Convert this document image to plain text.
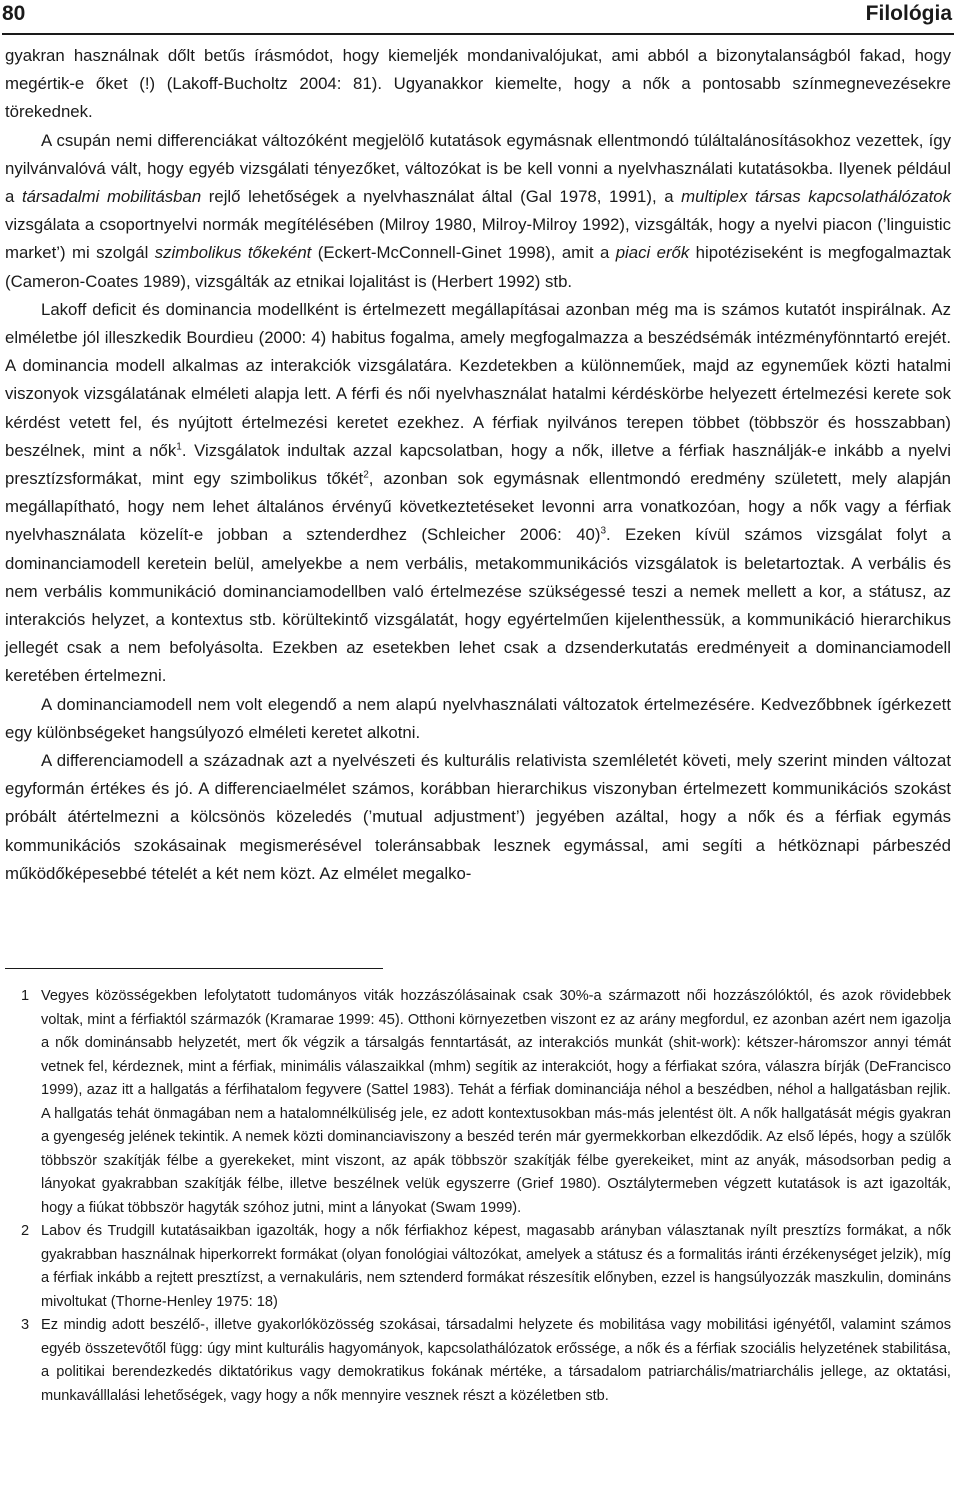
80	Filológia

gyakran használnak dőlt betűs írásmódot, hogy kiemeljék mondanivalójukat, ami abból a bizonytalanságból fakad, hogy megértik-e őket (!) (Lakoff-Bucholtz 2004: 81). Ugyanakkor kiemelte, hogy a nők a pontosabb színmegnevezésekre törekednek.

A csupán nemi differenciákat változóként megjelölő kutatások egymásnak ellentmondó túláltalánosításokhoz vezettek, így nyilvánvalóvá vált, hogy egyéb vizsgálati tényezőket, változókat is be kell vonni a nyelvhasználati kutatásokba. Ilyenek például a társadalmi mobilitásban rejlő lehetőségek a nyelvhasználat által (Gal 1978, 1991), a multiplex társas kapcsolathálózatok vizsgálata a csoportnyelvi normák megítélésében (Milroy 1980, Milroy-Milroy 1992), vizsgálták, hogy a nyelvi piacon (’linguistic market’) mi szolgál szimbolikus tőkeként (Eckert-McConnell-Ginet 1998), amit a piaci erők hipotéziseként is megfogalmaztak (Cameron-Coates 1989), vizsgálták az etnikai lojalitást is (Herbert 1992) stb.

Lakoff deficit és dominancia modellként is értelmezett megállapításai azonban még ma is számos kutatót inspirálnak. Az elméletbe jól illeszkedik Bourdieu (2000: 4) habitus fogalma, amely megfogalmazza a beszédsémák intézményfönntartó erejét. A dominancia modell alkalmas az interakciók vizsgálatára. Kezdetekben a különneműek, majd az egyneműek közti hatalmi viszonyok vizsgálatának elméleti alapja lett. A férfi és női nyelvhasználat hatalmi kérdéskörbe helyezett értelmezési kerete sok kérdést vetett fel, és nyújtott értelmezési keretet ezekhez. A férfiak nyilvános terepen többet (többször és hosszabban) beszélnek, mint a nők$^1$. Vizsgálatok indultak azzal kapcsolatban, hogy a nők, illetve a férfiak használják-e inkább a nyelvi presztízsformákat, mint egy szimbolikus tőkét$^2$, azonban sok egymásnak ellentmondó eredmény született, mely alapján megállapítható, hogy nem lehet általános érvényű következtetéseket levonni arra vonatkozóan, hogy a nők vagy a férfiak nyelvhasználata közelít-e jobban a sztenderdhez (Schleicher 2006: 40)$^3$. Ezeken kívül számos vizsgálat folyt a dominanciamodell keretein belül, amelyekbe a nem verbális, metakommunikációs vizsgálatok is beletartoztak. A verbális és nem verbális kommunikáció dominanciamodellben való értelmezése szükségessé teszi a nemek mellett a kor, a státusz, az interakciós helyzet, a kontextus stb. körültekintő vizsgálatát, hogy egyértelműen kijelenthessük, a kommunikáció hierarchikus jellegét csak a nem befolyásolta. Ezekben az esetekben lehet csak a dzsenderkutatás eredményeit a dominanciamodell keretében értelmezni.

A dominanciamodell nem volt elegendő a nem alapú nyelvhasználati változatok értelmezésére. Kedvezőbbnek ígérkezett egy különbségeket hangsúlyozó elméleti keretet alkotni.

A differenciamodell a századnak azt a nyelvészeti és kulturális relativista szemléletét követi, mely szerint minden változat egyformán értékes és jó. A differenciaelmélet számos, korábban hierarchikus viszonyban értelmezett kommunikációs szokást próbált átértelmezni a kölcsönös közeledés (’mutual adjustment’) jegyében azáltal, hogy a nők és a férfiak egymás kommunikációs szokásainak megismerésével toleránsabbak lesznek egymással, ami segíti a hétköznapi párbeszéd működőképesebbé tételét a két nem közt. Az elmélet megalko-

1 Vegyes közösségekben lefolytatott tudományos viták hozzászólásainak csak 30%-a származott női hozzászólóktól, és azok rövidebbek voltak, mint a férfiaktól származók (Kramarae 1999: 45). Otthoni környezetben viszont ez az arány megfordul, ez azonban azért nem igazolja a nők dominánsabb helyzetét, mert ők végzik a társalgás fenntartását, az interakciós munkát (shit-work): kétszer-háromszor annyi témát vetnek fel, kérdeznek, mint a férfiak, minimális válaszaikkal (mhm) segítik az interakciót, hogy a férfiakat szóra, válaszra bírják (DeFrancisco 1999), azaz itt a hallgatás a férfihatalom fegyvere (Sattel 1983). Tehát a férfiak dominanciája néhol a beszédben, néhol a hallgatásban rejlik. A hallgatás tehát önmagában nem a hatalomnélküliség jele, ez adott kontextusokban más-más jelentést ölt. A nők hallgatását mégis gyakran a gyengeség jelének tekintik. A nemek közti dominanciaviszony a beszéd terén már gyermekkorban elkezdődik. Az első lépés, hogy a szülők többször szakítják félbe a gyerekeket, mint viszont, az apák többször szakítják félbe gyerekeiket, mint az anyák, másodsorban pedig a lányokat gyakrabban szakítják félbe, illetve beszélnek velük egyszerre (Grief 1980). Osztálytermeben végzett kutatások is azt igazolták, hogy a fiúkat többször hagyták szóhoz jutni, mint a lányokat (Swam 1999).
2 Labov és Trudgill kutatásaikban igazolták, hogy a nők férfiakhoz képest, magasabb arányban választanak nyílt presztízs formákat, a nők gyakrabban használnak hiperkorrekt formákat (olyan fonológiai változókat, amelyek a státusz és a formalitás iránti érzékenységet jelzik), míg a férfiak inkább a rejtett presztízst, a vernakuláris, nem sztenderd formákat részesítik előnyben, ezzel is hangsúlyozzák maszkulin, domináns mivoltukat (Thorne-Henley 1975: 18)
3 Ez mindig adott beszélő-, illetve gyakorlóközösség szokásai, társadalmi helyzete és mobilitása vagy mobilitási igényétől, valamint számos egyéb összetevőtől függ: úgy mint kulturális hagyományok, kapcsolathálózatok erőssége, a nők és a férfiak szociális helyzetének stabilitása, a politikai berendezkedés diktatórikus vagy demokratikus fokának mértéke, a társadalom patriarchális/matriarchális jellege, az oktatási, munkaválllalási lehetőségek, vagy hogy a nők mennyire vesznek részt a közéletben stb.
